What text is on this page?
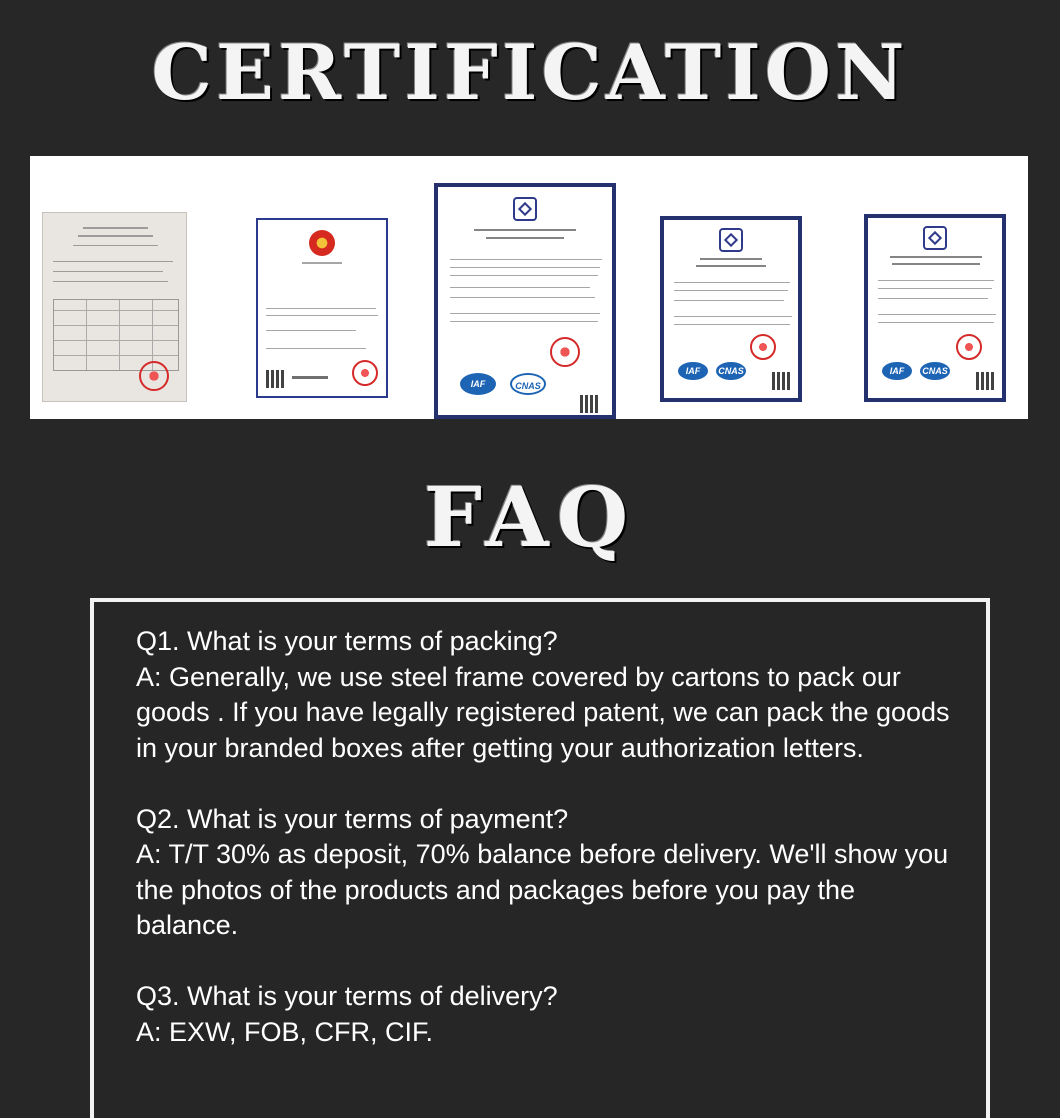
CERTIFICATION
IAF	CNAS
IAF	CNAS	IAF	CNAS
FAQ

Q1. What is your terms of packing?

A: Generally, we use steel frame covered by cartons to pack our goods . If you have legally registered patent, we can pack the goods in your branded boxes after getting your authorization letters.

Q2. What is your terms of payment?

A: T/T 30% as deposit, 70% balance before delivery. We'll show you the photos of the products and packages before you pay the balance.

Q3. What is your terms of delivery?

A: EXW, FOB, CFR, CIF.
